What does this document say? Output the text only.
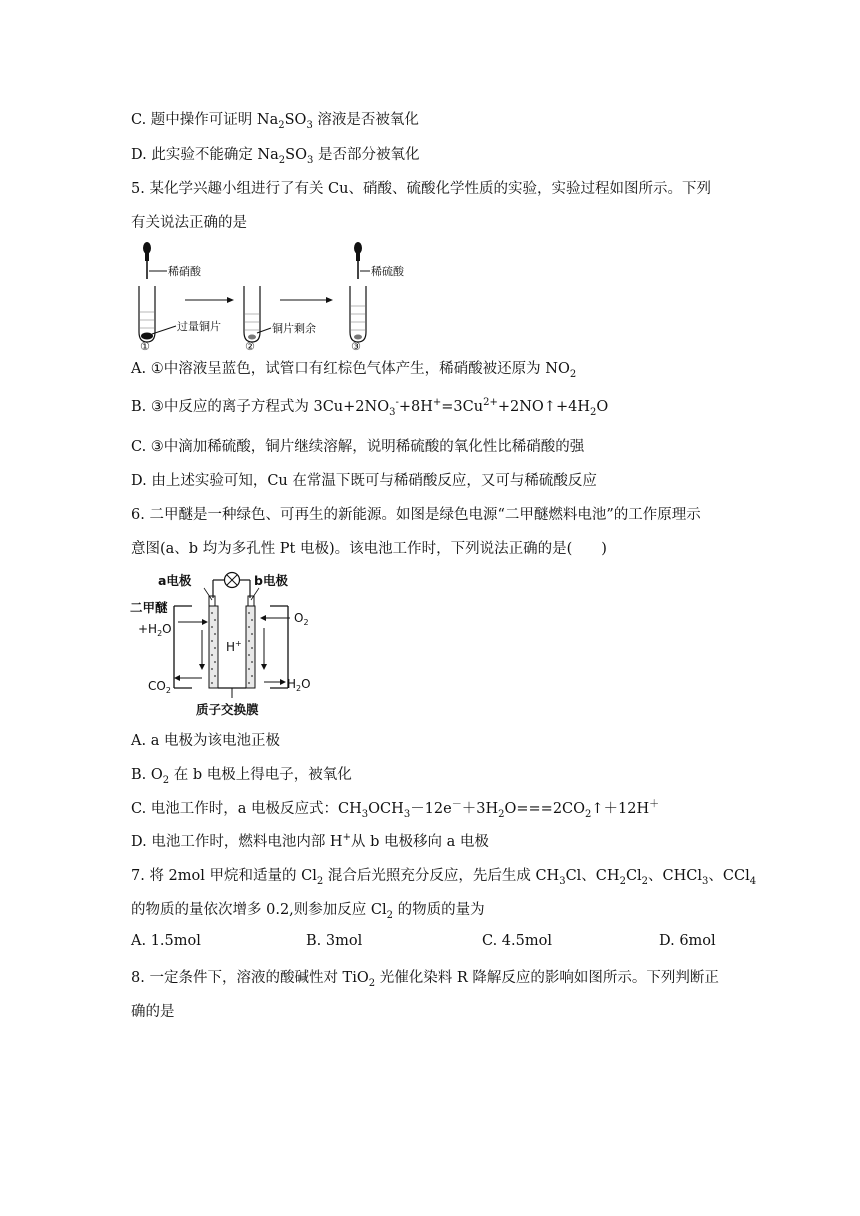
C. 题中操作可证明 $Na_2SO_3$ 溶液是否被氧化
D. 此实验不能确定 $Na_2SO_3$ 是否部分被氧化
5. 某化学兴趣小组进行了有关 Cu、硝酸、硫酸化学性质的实验，实验过程如图所示。下列
有关说法正确的是
稀硝酸
过量铜片
①
铜片剩余
②
稀硫酸
③
A. ①中溶液呈蓝色，试管口有红棕色气体产生，稀硝酸被还原为 $NO_2$
B. ③中反应的离子方程式为 $3Cu+2NO_3^-+8H^+=3Cu^{2+}+2NO↑+4H_2O$
C. ③中滴加稀硫酸，铜片继续溶解，说明稀硫酸的氧化性比稀硝酸的强
D. 由上述实验可知，Cu 在常温下既可与稀硝酸反应，又可与稀硫酸反应
6. 二甲醚是一种绿色、可再生的新能源。如图是绿色电源“二甲醚燃料电池”的工作原理示
意图(a、b 均为多孔性 Pt 电极)。该电池工作时，下列说法正确的是(　　)
a电极	b电极
二甲醚
$+H_2O$
$CO_2$
$O_2$
$H_2O$
H+
质子交换膜
A. a 电极为该电池正极
B. $O_2$ 在 b 电极上得电子，被氧化
C. 电池工作时，a 电极反应式：$CH_3OCH_3-12e^-+3H_2O===2CO_2↑+12H^+$
D. 电池工作时，燃料电池内部 H+从 b 电极移向 a 电极
7. 将 2mol 甲烷和适量的 $Cl_2$ 混合后光照充分反应，先后生成 $CH_3Cl$、$CH_2Cl_2$、CHCl$_3$、CCl$_4$
的物质的量依次增多 0.2,则参加反应 $Cl_2$ 的物质的量为
A. 1.5mol	B. 3mol	C. 4.5mol	D. 6mol
8. 一定条件下，溶液的酸碱性对 TiO$_2$ 光催化染料 R 降解反应的影响如图所示。下列判断正
确的是
